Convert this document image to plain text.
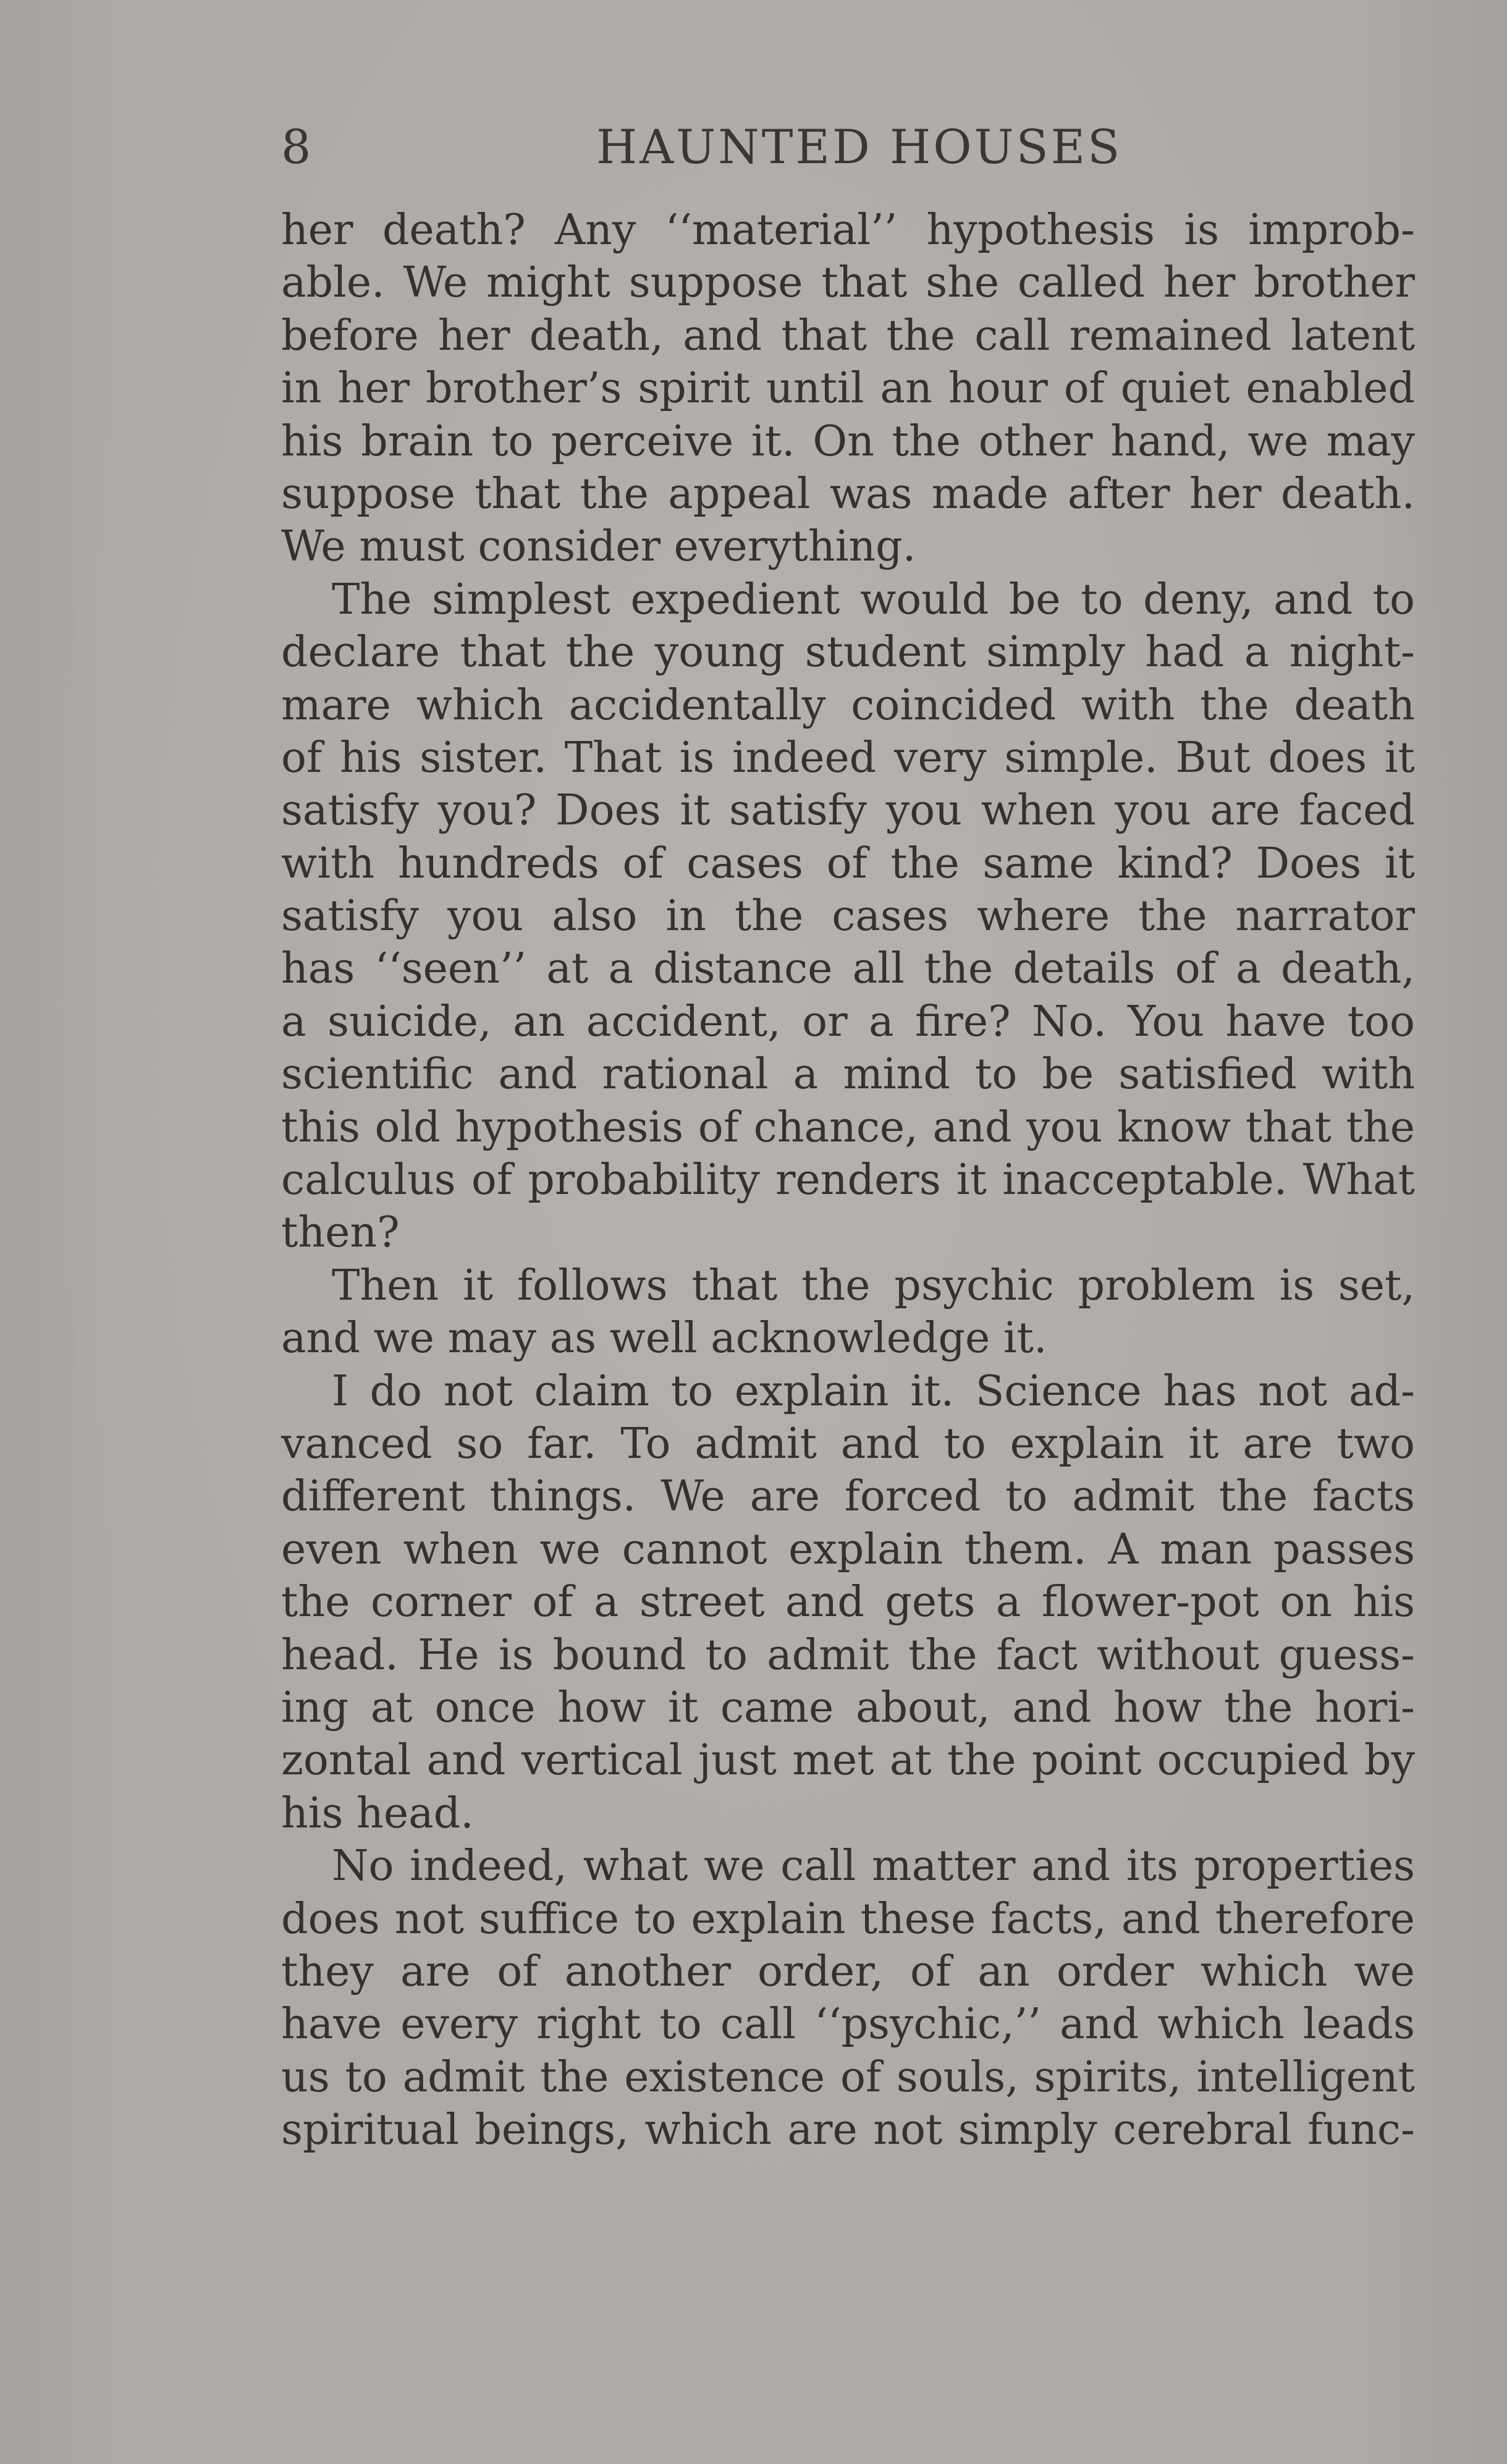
8	HAUNTED HOUSES
her death? Any ‘‘material’’ hypothesis is improb-
able. We might suppose that she called her brother
before her death, and that the call remained latent
in her brother’s spirit until an hour of quiet enabled
his brain to perceive it. On the other hand, we may
suppose that the appeal was made after her death.
We must consider everything.
The simplest expedient would be to deny, and to
declare that the young student simply had a night-
mare which accidentally coincided with the death
of his sister. That is indeed very simple. But does it
satisfy you? Does it satisfy you when you are faced
with hundreds of cases of the same kind? Does it
satisfy you also in the cases where the narrator
has ‘‘seen’’ at a distance all the details of a death,
a suicide, an accident, or a fire? No. You have too
scientific and rational a mind to be satisfied with
this old hypothesis of chance, and you know that the
calculus of probability renders it inacceptable. What
then?
Then it follows that the psychic problem is set,
and we may as well acknowledge it.
I do not claim to explain it. Science has not ad-
vanced so far. To admit and to explain it are two
different things. We are forced to admit the facts
even when we cannot explain them. A man passes
the corner of a street and gets a flower-pot on his
head. He is bound to admit the fact without guess-
ing at once how it came about, and how the hori-
zontal and vertical just met at the point occupied by
his head.
No indeed, what we call matter and its properties
does not suffice to explain these facts, and therefore
they are of another order, of an order which we
have every right to call ‘‘psychic,’’ and which leads
us to admit the existence of souls, spirits, intelligent
spiritual beings, which are not simply cerebral func-
